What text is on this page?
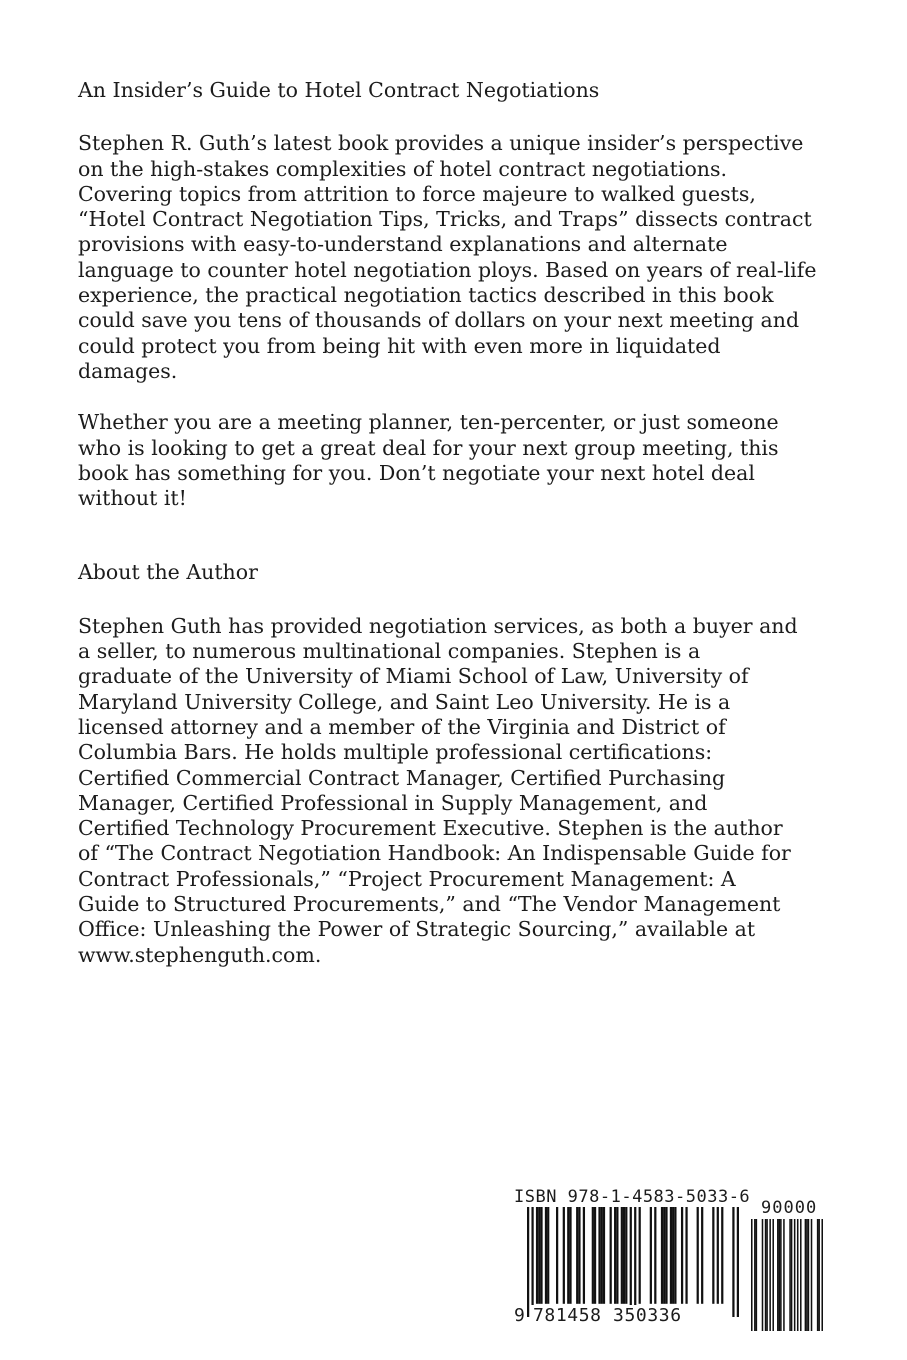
An Insider’s Guide to Hotel Contract Negotiations

Stephen R. Guth’s latest book provides a unique insider’s perspective on the high-stakes complexities of hotel contract negotiations. Covering topics from attrition to force majeure to walked guests, “Hotel Contract Negotiation Tips, Tricks, and Traps” dissects contract provisions with easy-to-understand explanations and alternate language to counter hotel negotiation ploys. Based on years of real-life experience, the practical negotiation tactics described in this book could save you tens of thousands of dollars on your next meeting and could protect you from being hit with even more in liquidated damages.

Whether you are a meeting planner, ten-percenter, or just someone who is looking to get a great deal for your next group meeting, this book has something for you. Don’t negotiate your next hotel deal without it!

About the Author

Stephen Guth has provided negotiation services, as both a buyer and a seller, to numerous multinational companies. Stephen is a graduate of the University of Miami School of Law, University of Maryland University College, and Saint Leo University. He is a licensed attorney and a member of the Virginia and District of Columbia Bars. He holds multiple professional certifications: Certified Commercial Contract Manager, Certified Purchasing Manager, Certified Professional in Supply Management, and Certified Technology Procurement Executive. Stephen is the author of “The Contract Negotiation Handbook: An Indispensable Guide for Contract Professionals,” “Project Procurement Management: A Guide to Structured Procurements,” and “The Vendor Management Office: Unleashing the Power of Strategic Sourcing,” available at www.stephenguth.com.

ISBN 978-1-4583-5033-6
90000
9 781458 350336
